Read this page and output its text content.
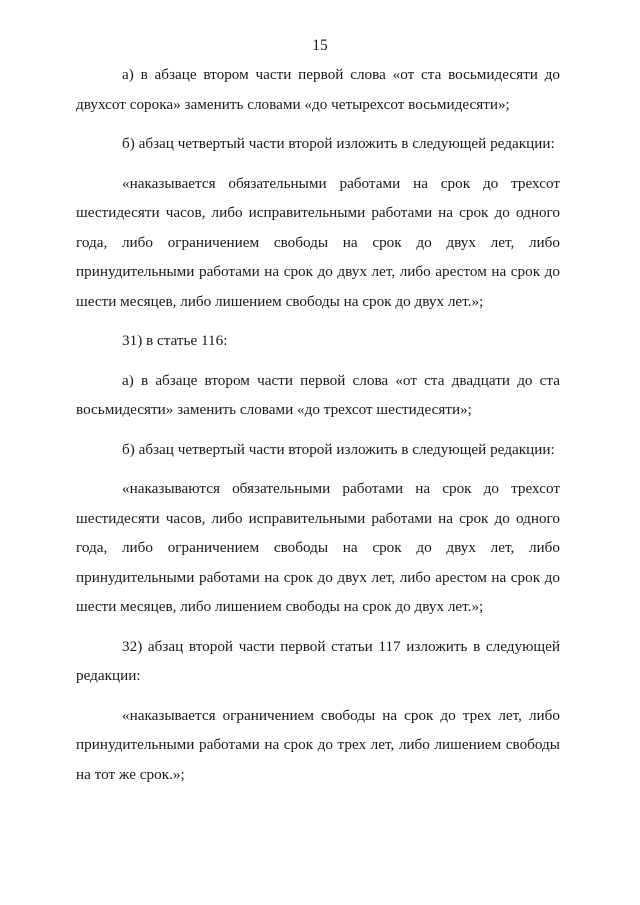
15

а) в абзаце втором части первой слова «от ста восьмидесяти до двухсот сорока» заменить словами «до четырехсот восьмидесяти»;

б) абзац четвертый части второй изложить в следующей редакции:

«наказывается обязательными работами на срок до трехсот шестидесяти часов, либо исправительными работами на срок до одного года, либо ограничением свободы на срок до двух лет, либо принудительными работами на срок до двух лет, либо арестом на срок до шести месяцев, либо лишением свободы на срок до двух лет.»;

31) в статье 116:

а) в абзаце втором части первой слова «от ста двадцати до ста восьмидесяти» заменить словами «до трехсот шестидесяти»;

б) абзац четвертый части второй изложить в следующей редакции:

«наказываются обязательными работами на срок до трехсот шестидесяти часов, либо исправительными работами на срок до одного года, либо ограничением свободы на срок до двух лет, либо принудительными работами на срок до двух лет, либо арестом на срок до шести месяцев, либо лишением свободы на срок до двух лет.»;

32) абзац второй части первой статьи 117 изложить в следующей редакции:

«наказывается ограничением свободы на срок до трех лет, либо принудительными работами на срок до трех лет, либо лишением свободы на тот же срок.»;
